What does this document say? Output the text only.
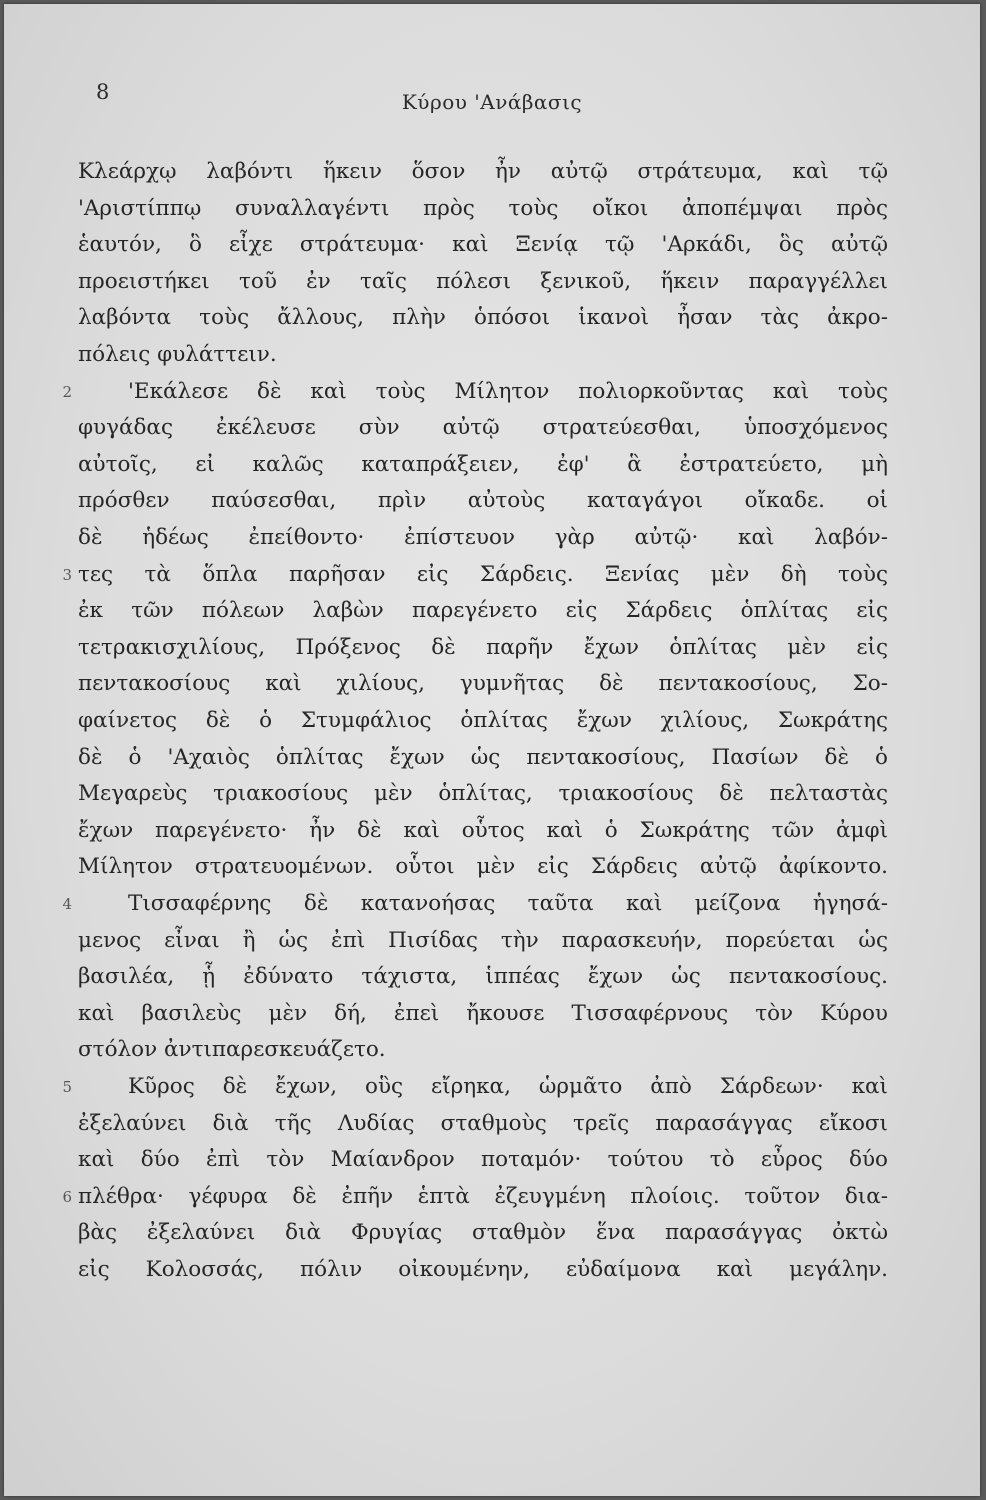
8	Κύρου 'Ανάβασις
Κλεάρχῳ λαβόντι ἥκειν ὅσον ἦν αὐτῷ στράτευμα, καὶ τῷ
'Αριστίππῳ συναλλαγέντι πρὸς τοὺς οἴκοι ἀποπέμψαι πρὸς
ἑαυτόν, ὃ εἶχε στράτευμα· καὶ Ξενίᾳ τῷ 'Αρκάδι, ὃς αὐτῷ
προειστήκει τοῦ ἐν ταῖς πόλεσι ξενικοῦ, ἥκειν παραγγέλλει
λαβόντα τοὺς ἄλλους, πλὴν ὁπόσοι ἱκανοὶ ἦσαν τὰς ἀκρο-
πόλεις φυλάττειν.
'Εκάλεσε δὲ καὶ τοὺς Μίλητον πολιορκοῦντας καὶ τοὺς
2
φυγάδας ἐκέλευσε σὺν αὐτῷ στρατεύεσθαι, ὑποσχόμενος
αὐτοῖς, εἰ καλῶς καταπράξειεν, ἐφ' ἃ ἐστρατεύετο, μὴ
πρόσθεν παύσεσθαι, πρὶν αὐτοὺς καταγάγοι οἴκαδε. οἱ
δὲ ἡδέως ἐπείθοντο· ἐπίστευον γὰρ αὐτῷ· καὶ λαβόν-
τες τὰ ὅπλα παρῆσαν εἰς Σάρδεις. Ξενίας μὲν δὴ τοὺς
3
ἐκ τῶν πόλεων λαβὼν παρεγένετο εἰς Σάρδεις ὁπλίτας εἰς
τετρακισχιλίους, Πρόξενος δὲ παρῆν ἔχων ὁπλίτας μὲν εἰς
πεντακοσίους καὶ χιλίους, γυμνῆτας δὲ πεντακοσίους, Σο-
φαίνετος δὲ ὁ Στυμφάλιος ὁπλίτας ἔχων χιλίους, Σωκράτης
δὲ ὁ 'Αχαιὸς ὁπλίτας ἔχων ὡς πεντακοσίους, Πασίων δὲ ὁ
Μεγαρεὺς τριακοσίους μὲν ὁπλίτας, τριακοσίους δὲ πελταστὰς
ἔχων παρεγένετο· ἦν δὲ καὶ οὗτος καὶ ὁ Σωκράτης τῶν ἀμφὶ
Μίλητον στρατευομένων. οὗτοι μὲν εἰς Σάρδεις αὐτῷ ἀφίκοντο.
Τισσαφέρνης δὲ κατανοήσας ταῦτα καὶ μείζονα ἡγησά-
4
μενος εἶναι ἢ ὡς ἐπὶ Πισίδας τὴν παρασκευήν, πορεύεται ὡς
βασιλέα, ᾗ ἐδύνατο τάχιστα, ἱππέας ἔχων ὡς πεντακοσίους.
καὶ βασιλεὺς μὲν δή, ἐπεὶ ἤκουσε Τισσαφέρνους τὸν Κύρου
στόλον ἀντιπαρεσκευάζετο.
Κῦρος δὲ ἔχων, οὓς εἴρηκα, ὡρμᾶτο ἀπὸ Σάρδεων· καὶ
5
ἐξελαύνει διὰ τῆς Λυδίας σταθμοὺς τρεῖς παρασάγγας εἴκοσι
καὶ δύο ἐπὶ τὸν Μαίανδρον ποταμόν· τούτου τὸ εὖρος δύο
πλέθρα· γέφυρα δὲ ἐπῆν ἑπτὰ ἐζευγμένη πλοίοις. τοῦτον δια-
6
βὰς ἐξελαύνει διὰ Φρυγίας σταθμὸν ἕνα παρασάγγας ὀκτὼ
εἰς Κολοσσάς, πόλιν οἰκουμένην, εὐδαίμονα καὶ μεγάλην.
